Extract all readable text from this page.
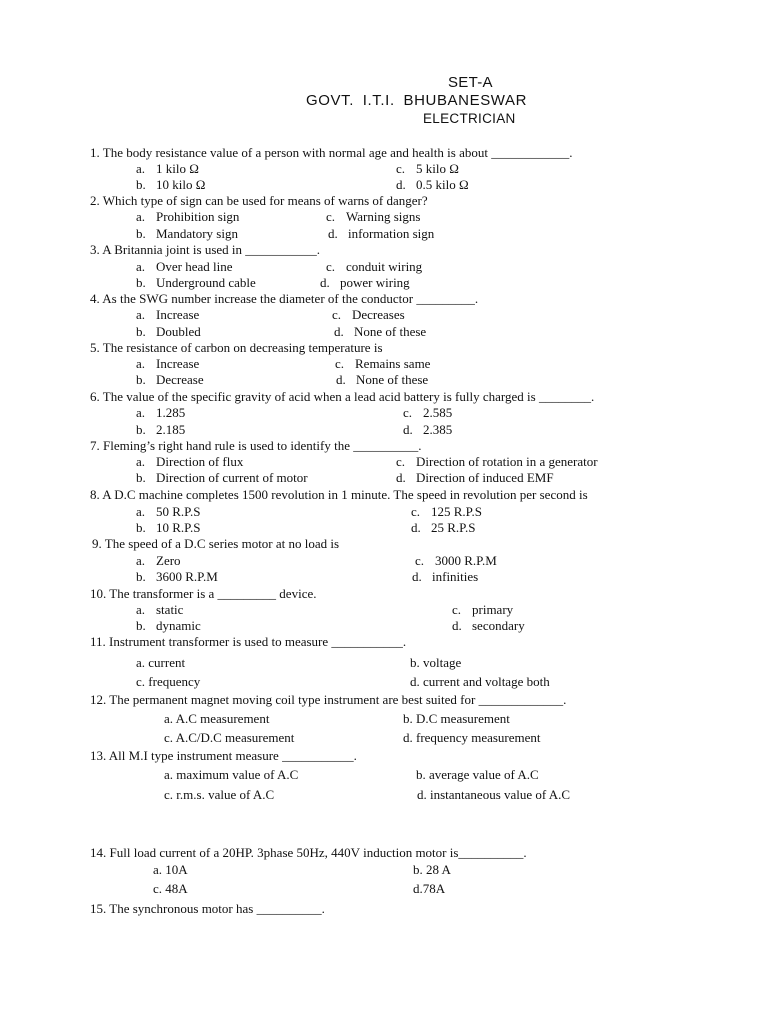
SET-A
GOVT. I.T.I. BHUBANESWAR
ELECTRICIAN
1. The body resistance value of a person with normal age and health is about ____________.
a. 1 kilo Ω	c. 5 kilo Ω
b. 10 kilo Ω	d. 0.5 kilo Ω
2. Which type of sign can be used for means of warns of danger?
a. Prohibition sign	c. Warning signs
b. Mandatory sign	d. information sign
3. A Britannia joint is used in ___________.
a. Over head line	c. conduit wiring
b. Underground cable	d. power wiring
4. As the SWG number increase the diameter of the conductor _________.
a. Increase	c. Decreases
b. Doubled	d. None of these
5. The resistance of carbon on decreasing temperature is
a. Increase	c. Remains same
b. Decrease	d. None of these
6. The value of the specific gravity of acid when a lead acid battery is fully charged is ________.
a. 1.285	c. 2.585
b. 2.185	d. 2.385
7. Fleming’s right hand rule is used to identify the __________.
a. Direction of flux	c. Direction of rotation in a generator
b. Direction of current of motor	d. Direction of induced EMF
8. A D.C machine completes 1500 revolution in 1 minute. The speed in revolution per second is
a. 50 R.P.S	c. 125 R.P.S
b. 10 R.P.S	d. 25 R.P.S
9. The speed of a D.C series motor at no load is
a. Zero	c. 3000 R.P.M
b. 3600 R.P.M	d. infinities
10. The transformer is a _________ device.
a. static	c. primary
b. dynamic	d. secondary
11. Instrument transformer is used to measure ___________.
a. current	b. voltage
c. frequency	d. current and voltage both
12. The permanent magnet moving coil type instrument are best suited for _____________.
a. A.C measurement	b. D.C measurement
c. A.C/D.C measurement	d. frequency measurement
13. All M.I type instrument measure ___________.
a. maximum value of A.C	b. average value of A.C
c. r.m.s. value of A.C	d. instantaneous value of A.C
14. Full load current of a 20HP. 3phase 50Hz, 440V induction motor is__________.
a. 10A	b. 28 A
c. 48A	d.78A
15. The synchronous motor has __________.
